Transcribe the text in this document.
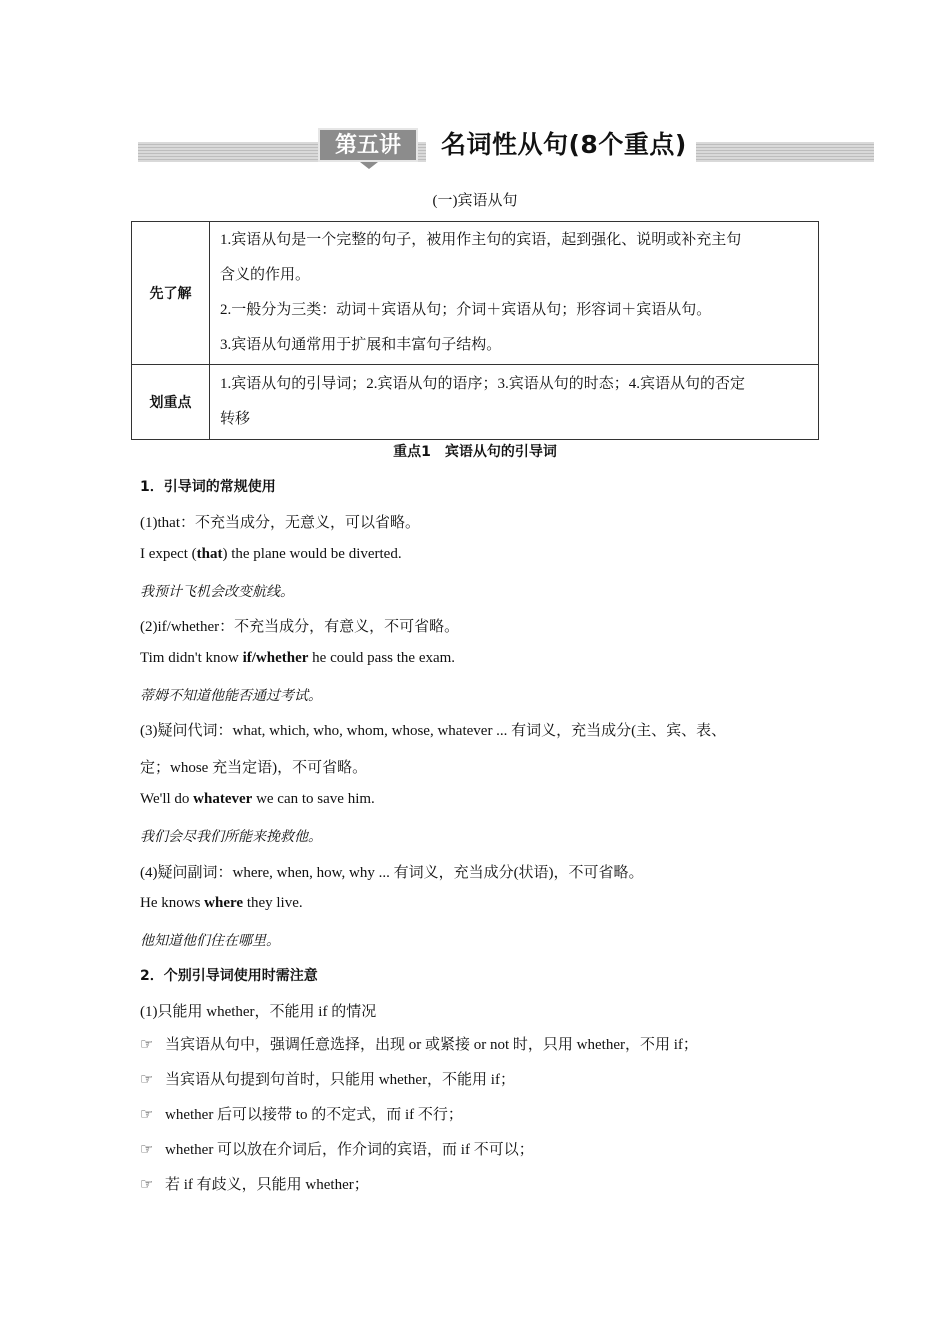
第五讲	名词性从句(8个重点)
(一)宾语从句
先了解	1.宾语从句是一个完整的句子，被用作主句的宾语，起到强化、说明或补充主句
含义的作用。
2.一般分为三类：动词＋宾语从句；介词＋宾语从句；形容词＋宾语从句。
3.宾语从句通常用于扩展和丰富句子结构。

划重点	1.宾语从句的引导词；2.宾语从句的语序；3.宾语从句的时态；4.宾语从句的否定
转移
重点1　宾语从句的引导词
1．引导词的常规使用
(1)that：不充当成分，无意义，可以省略。
I expect (that) the plane would be diverted.
我预计飞机会改变航线。
(2)if/whether：不充当成分，有意义，不可省略。
Tim didn't know if/whether he could pass the exam.
蒂姆不知道他能否通过考试。
(3)疑问代词：what, which, who, whom, whose, whatever ... 有词义，充当成分(主、宾、表、
定；whose 充当定语)，不可省略。
We'll do whatever we can to save him.
我们会尽我们所能来挽救他。
(4)疑问副词：where, when, how, why ... 有词义，充当成分(状语)，不可省略。
He knows where they live.
他知道他们住在哪里。
2．个别引导词使用时需注意
(1)只能用 whether，不能用 if 的情况
☞ 当宾语从句中，强调任意选择，出现 or 或紧接 or not 时，只用 whether，不用 if；
☞ 当宾语从句提到句首时，只能用 whether，不能用 if；
☞ whether 后可以接带 to 的不定式，而 if 不行；
☞ whether 可以放在介词后，作介词的宾语，而 if 不可以；
☞ 若 if 有歧义，只能用 whether；
